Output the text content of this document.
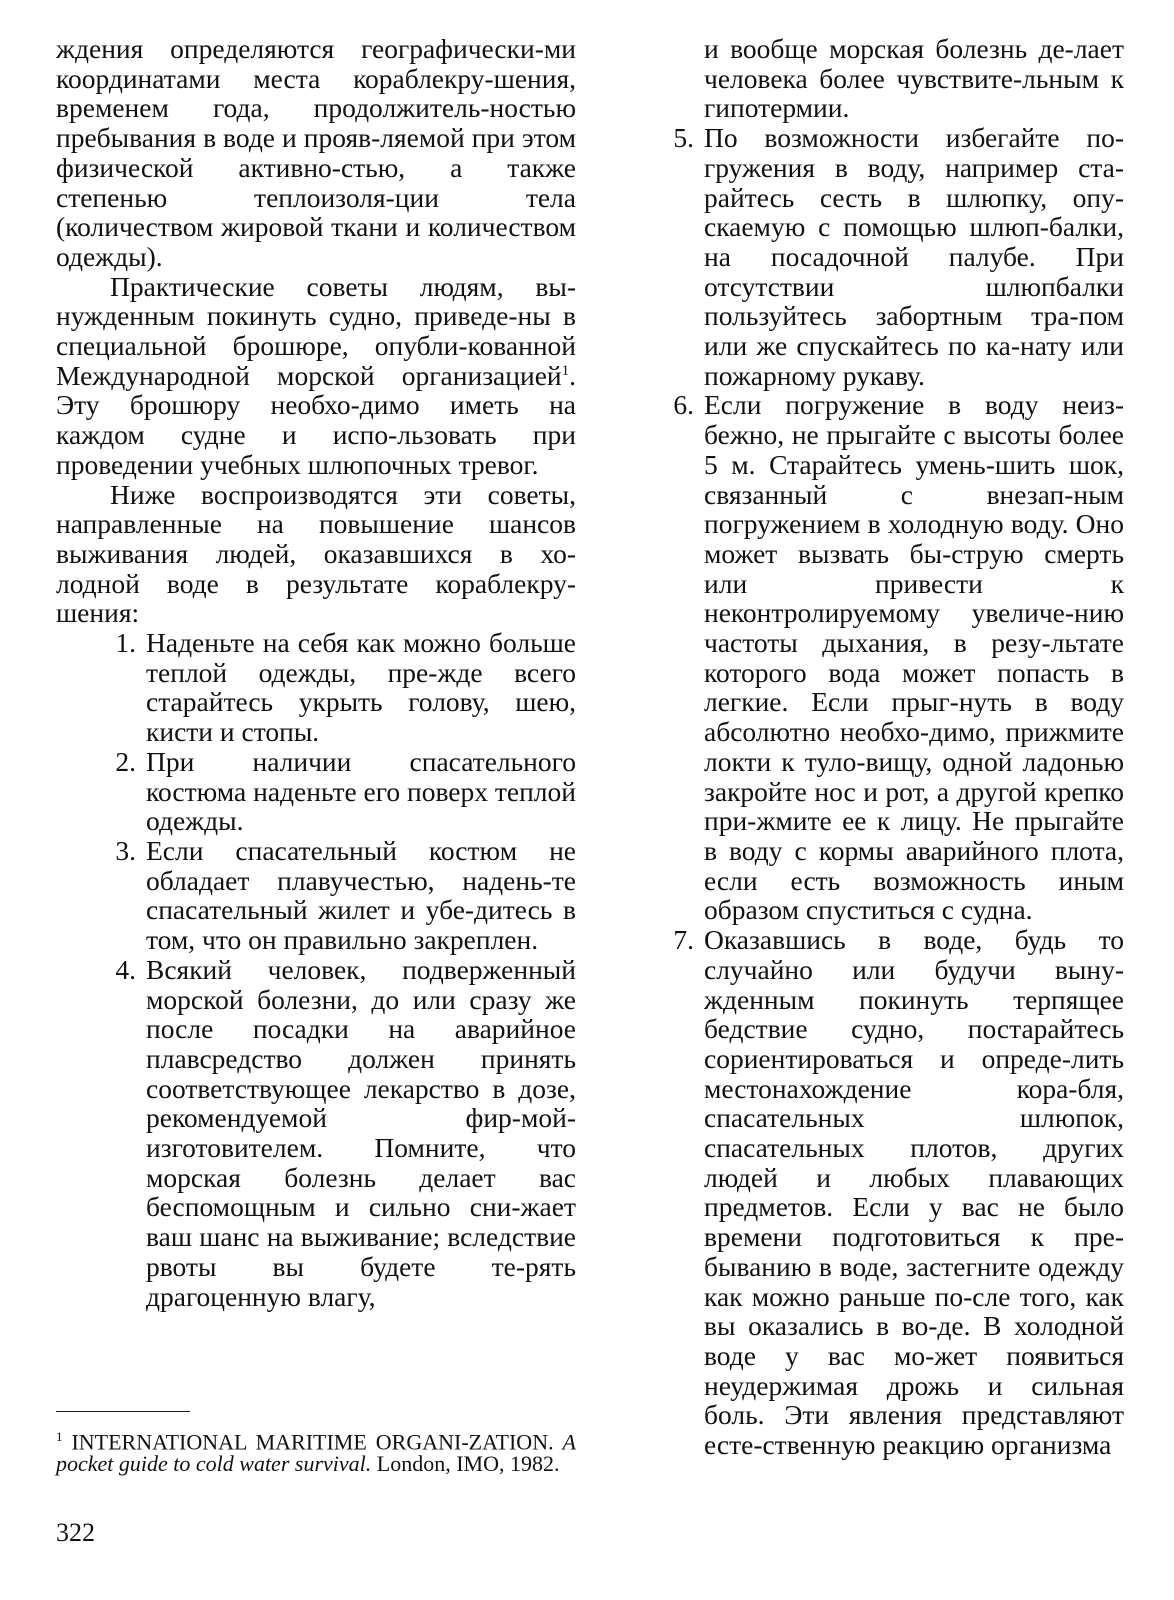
ждения определяются географически-ми координатами места кораблекру-шения, временем года, продолжитель-ностью пребывания в воде и прояв-ляемой при этом физической активно-стью, а также степенью теплоизоля-ции тела (количеством жировой ткани и количеством одежды).

Практические советы людям, вы-нужденным покинуть судно, приведе-ны в специальной брошюре, опубли-кованной Международной морской организацией$^1$. Эту брошюру необхо-димо иметь на каждом судне и испо-льзовать при проведении учебных шлюпочных тревог.

Ниже воспроизводятся эти советы, направленные на повышение шансов выживания людей, оказавшихся в хо-лодной воде в результате кораблекру-шения:

1. Наденьте на себя как можно больше теплой одежды, пре-жде всего старайтесь укрыть голову, шею, кисти и стопы.
2. При наличии спасательного костюма наденьте его поверх теплой одежды.
3. Если спасательный костюм не обладает плавучестью, надень-те спасательный жилет и убе-дитесь в том, что он правильно закреплен.
4. Всякий человек, подверженный морской болезни, до или сразу же после посадки на аварийное плавсредство должен принять соответствующее лекарство в дозе, рекомендуемой фир-мой-изготовителем. Помните, что морская болезнь делает вас беспомощным и сильно сни-жает ваш шанс на выживание; вследствие рвоты вы будете те-рять драгоценную влагу,
и вообще морская болезнь де-лает человека более чувствите-льным к гипотермии.
5. По возможности избегайте по-гружения в воду, например ста-райтесь сесть в шлюпку, опу-скаемую с помощью шлюп-балки, на посадочной палубе. При отсутствии шлюпбалки пользуйтесь забортным тра-пом или же спускайтесь по ка-нату или пожарному рукаву.
6. Если погружение в воду неиз-бежно, не прыгайте с высоты более 5 м. Старайтесь умень-шить шок, связанный с внезап-ным погружением в холодную воду. Оно может вызвать бы-струю смерть или привести к неконтролируемому увеличе-нию частоты дыхания, в резу-льтате которого вода может попасть в легкие. Если прыг-нуть в воду абсолютно необхо-димо, прижмите локти к туло-вищу, одной ладонью закройте нос и рот, а другой крепко при-жмите ее к лицу. Не прыгайте в воду с кормы аварийного плота, если есть возможность иным образом спуститься с судна.
7. Оказавшись в воде, будь то случайно или будучи выну-жденным покинуть терпящее бедствие судно, постарайтесь сориентироваться и опреде-лить местонахождение кора-бля, спасательных шлюпок, спасательных плотов, других людей и любых плавающих предметов. Если у вас не было времени подготовиться к пре-быванию в воде, застегните одежду как можно раньше по-сле того, как вы оказались в во-де. В холодной воде у вас мо-жет появиться неудержимая дрожь и сильная боль. Эти явления представляют есте-ственную реакцию организма
$^1$ INTERNATIONAL MARITIME ORGANI-ZATION. A pocket guide to cold water survival. London, IMO, 1982.
322
